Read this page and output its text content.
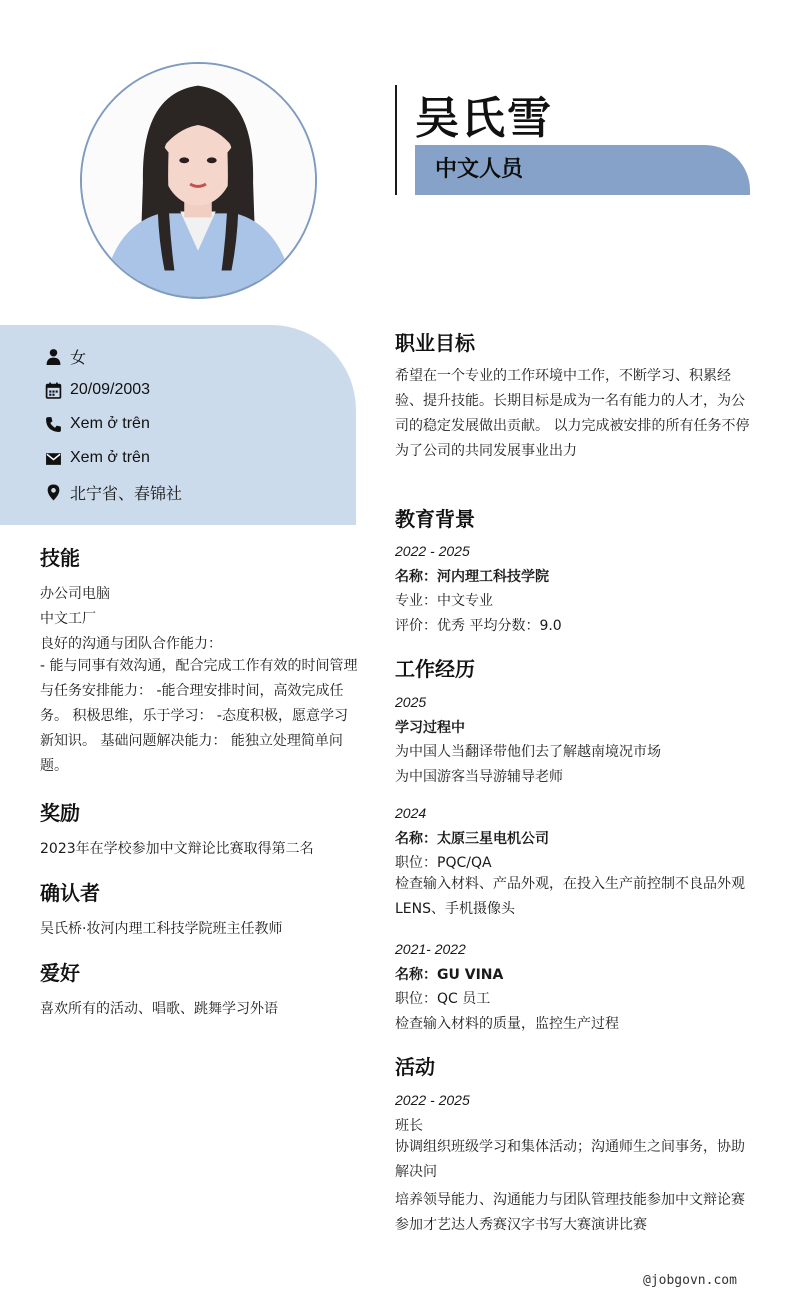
吴氏雪
中文人员
女
20/09/2003
Xem ở trên
Xem ở trên
北宁省、春锦社
技能
办公司电脑
中文工厂
良好的沟通与团队合作能力：
- 能与同事有效沟通，配合完成工作有效的时间管理与任务安排能力： -能合理安排时间，高效完成任务。 积极思维，乐于学习： -态度积极，愿意学习新知识。 基础问题解决能力： 能独立处理简单问题。
奖励
2023年在学校参加中文辩论比赛取得第二名
确认者
吴氏桥·妆河内理工科技学院班主任教师
爱好
喜欢所有的活动、唱歌、跳舞学习外语
职业目标
希望在一个专业的工作环境中工作，不断学习、积累经验、提升技能。长期目标是成为一名有能力的人才，为公司的稳定发展做出贡献。 以力完成被安排的所有任务不停为了公司的共同发展事业出力
教育背景
2022 - 2025
名称：河内理工科技学院
专业：中文专业
评价：优秀 平均分数：9.0
工作经历
2025
学习过程中
为中国人当翻译带他们去了解越南境况市场
为中国游客当导游辅导老师
2024
名称：太原三星电机公司
职位：PQC/QA
检查输入材料、产品外观，在投入生产前控制不良品外观LENS、手机摄像头
2021- 2022
名称：GU VINA
职位：QC 员工
检查输入材料的质量，监控生产过程
活动
2022 - 2025
班长
协调组织班级学习和集体活动；沟通师生之间事务，协助解决问
培养领导能力、沟通能力与团队管理技能参加中文辩论赛
参加才艺达人秀赛汉字书写大赛演讲比赛
@jobgovn.com
